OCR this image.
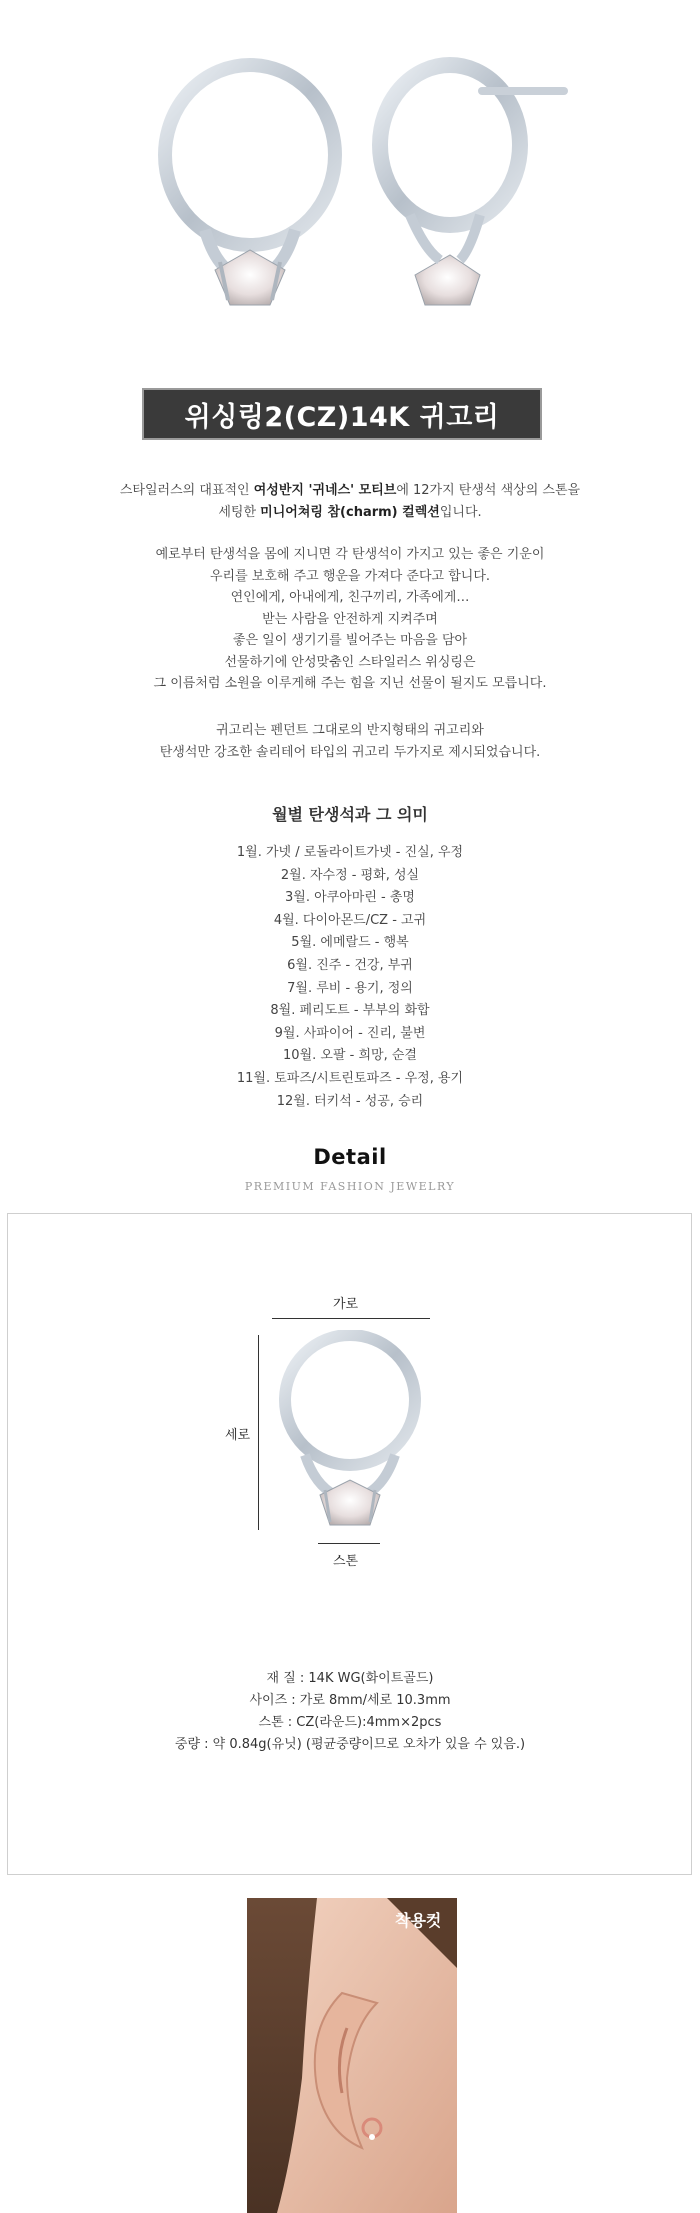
위싱링2(CZ)14K 귀고리
스타일러스의 대표적인 여성반지 '귀네스' 모티브에 12가지 탄생석 색상의 스톤을
세팅한 미니어쳐링 참(charm) 컬렉션입니다.
예로부터 탄생석을 몸에 지니면 각 탄생석이 가지고 있는 좋은 기운이
우리를 보호해 주고 행운을 가져다 준다고 합니다.
연인에게, 아내에게, 친구끼리, 가족에게…
받는 사람을 안전하게 지켜주며
좋은 일이 생기기를 빌어주는 마음을 담아
선물하기에 안성맞춤인 스타일러스 위싱링은
그 이름처럼 소원을 이루게해 주는 힘을 지닌 선물이 될지도 모릅니다.
귀고리는 펜던트 그대로의 반지형태의 귀고리와
탄생석만 강조한 솔리테어 타입의 귀고리 두가지로 제시되었습니다.
월별 탄생석과 그 의미
1월. 가넷 / 로돌라이트가넷 - 진실, 우정
2월. 자수정 - 평화, 성실
3월. 아쿠아마린 - 총명
4월. 다이아몬드/CZ - 고귀
5월. 에메랄드 - 행복
6월. 진주 - 건강, 부귀
7월. 루비 - 용기, 정의
8월. 페리도트 - 부부의 화합
9월. 사파이어 - 진리, 불변
10월. 오팔 - 희망, 순결
11월. 토파즈/시트린토파즈 - 우정, 용기
12월. 터키석 - 성공, 승리
Detail
PREMIUM FASHION JEWELRY
가로
세로
스톤
재 질 : 14K WG(화이트골드)
사이즈 : 가로 8mm/세로 10.3mm
스톤 : CZ(라운드):4mm×2pcs
중량 : 약 0.84g(유닛) (평균중량이므로 오차가 있을 수 있음.)
착용컷
